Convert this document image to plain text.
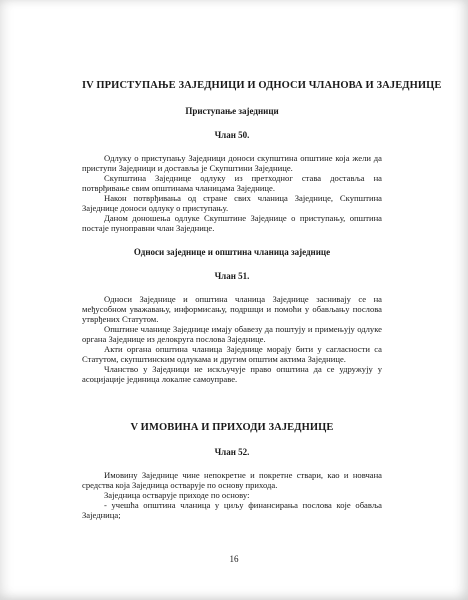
IV ПРИСТУПАЊЕ ЗАЈЕДНИЦИ И ОДНОСИ ЧЛАНОВА И ЗАЈЕДНИЦЕ
Приступање заједници
Члан 50.

Одлуку о приступању Заједници доноси скупштина општине која жели да приступи Заједници и доставља је Скупштини Заједнице.

Скупштина Заједнице одлуку из претходног става доставља на потврђивање свим општинама чланицама Заједнице.

Након потврђивања од стране свих чланица Заједнице, Скупштина Заједнице доноси одлуку о приступању.

Даном доношења одлуке Скупштине Заједнице о приступању, општина постаје пуноправни члан Заједнице.

Односи заједнице и општина чланица заједнице
Члан 51.

Односи Заједнице и општина чланица Заједнице заснивају се на међусобном уважавању, информисању, подршци и помоћи у обављању послова утврђених Статутом.

Општине чланице Заједнице имају обавезу да поштују и примењују одлуке органа Заједнице из делокруга послова Заједнице.

Акти органа општина чланица Заједнице морају бити у сагласности са Статутом, скупштинским одлукама и другим општим актима Заједнице.

Чланство у Заједници не искључује право општина да се удружују у асоцијације јединица локалне самоуправе.

V ИМОВИНА И ПРИХОДИ ЗАЈЕДНИЦЕ
Члан 52.

Имовину Заједнице чине непокретне и покретне ствари, као и новчана средства која Заједница остварује по основу прихода.

Заједница остварује приходе по основу:

- учешћа општина чланица у циљу финансирања послова које обавља Заједница;

16
